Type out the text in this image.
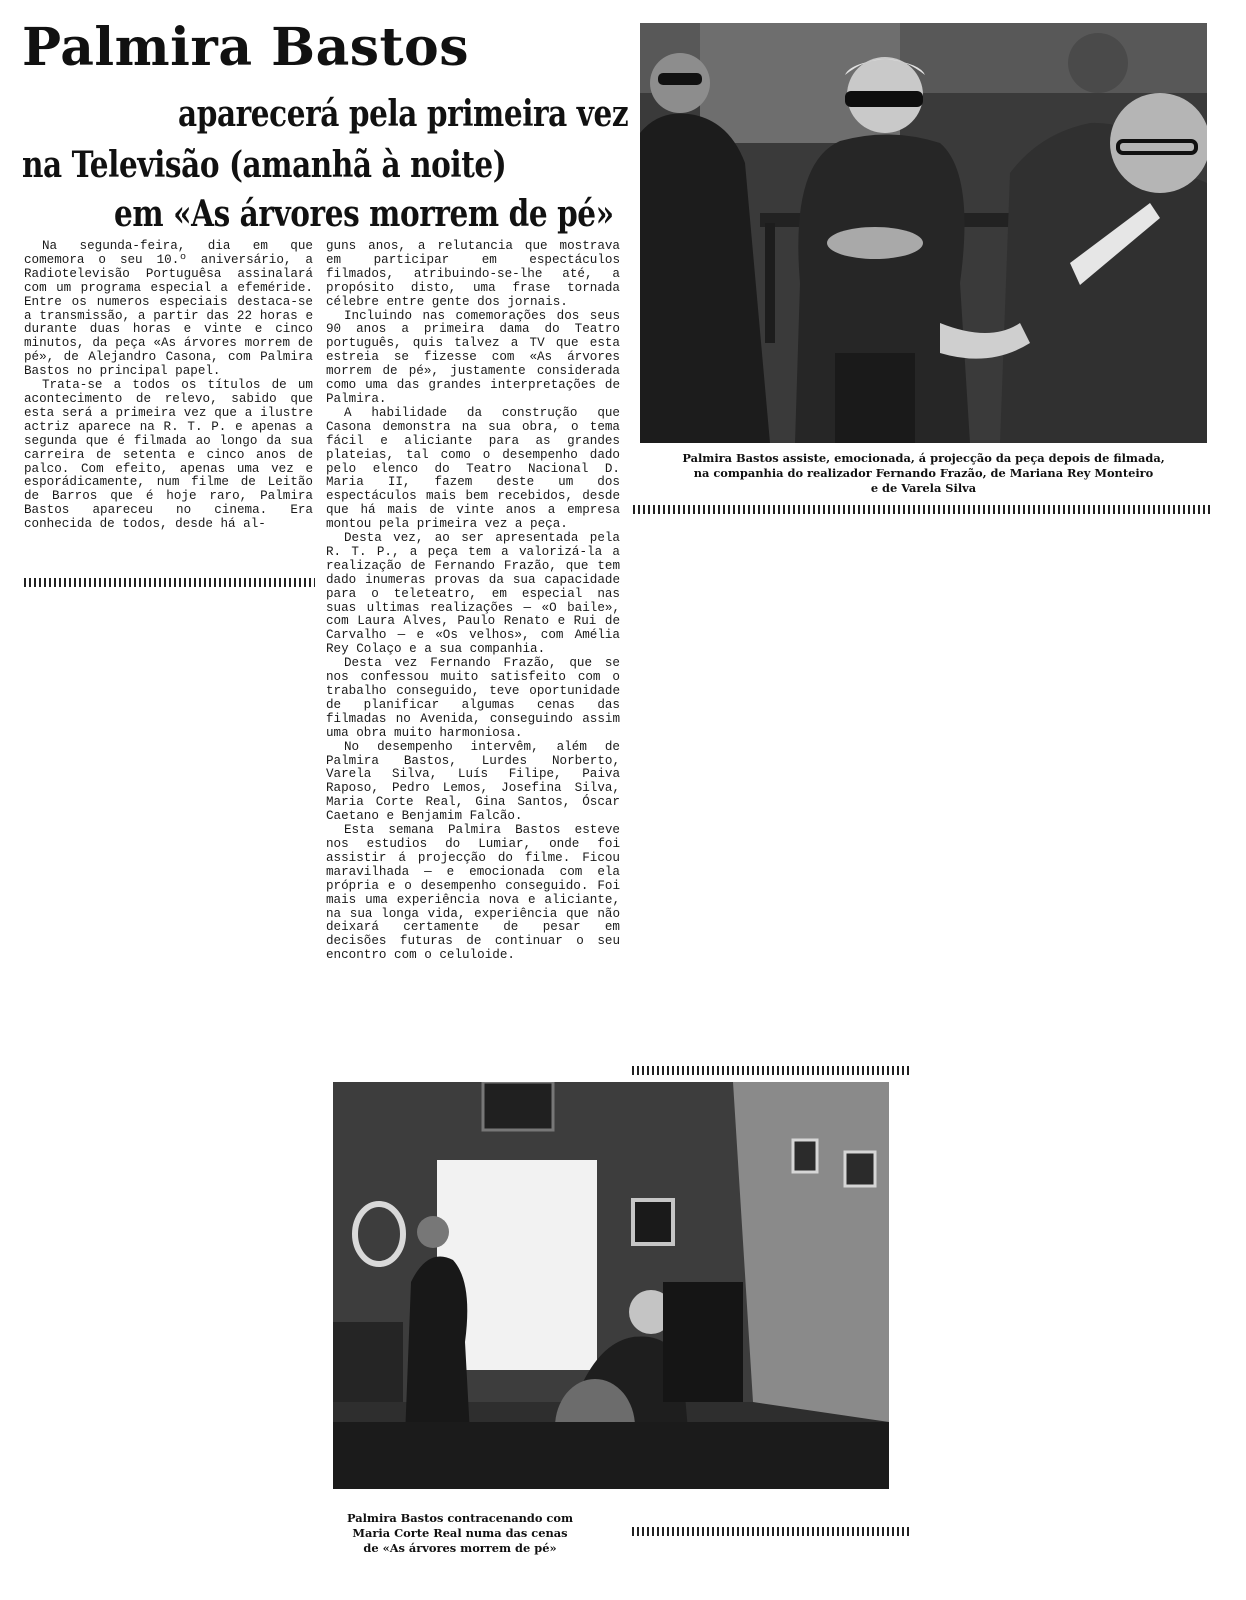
Palmira Bastos
aparecerá pela primeira vez
na Televisão (amanhã à noite)
em «As árvores morrem de pé»

Na segunda-feira, dia em que comemora o seu 10.º aniversário, a Radiotelevisão Portuguêsa assinalará com um programa especial a efeméride. Entre os numeros especiais destaca-se a transmissão, a partir das 22 horas e durante duas horas e vinte e cinco minutos, da peça «As árvores morrem de pé», de Alejandro Casona, com Palmira Bastos no principal papel.

Trata-se a todos os títulos de um acontecimento de relevo, sabido que esta será a primeira vez que a ilustre actriz aparece na R. T. P. e apenas a segunda que é filmada ao longo da sua carreira de setenta e cinco anos de palco. Com efeito, apenas uma vez e esporádicamente, num filme de Leitão de Barros que é hoje raro, Palmira Bastos apareceu no cinema. Era conhecida de todos, desde há al-

guns anos, a relutancia que mostrava em participar em espectáculos filmados, atribuindo-se-lhe até, a propósito disto, uma frase tornada célebre entre gente dos jornais.

Incluindo nas comemorações dos seus 90 anos a primeira dama do Teatro português, quis talvez a TV que esta estreia se fizesse com «As árvores morrem de pé», justamente considerada como uma das grandes interpretações de Palmira.

A habilidade da construção que Casona demonstra na sua obra, o tema fácil e aliciante para as grandes plateias, tal como o desempenho dado pelo elenco do Teatro Nacional D. Maria II, fazem deste um dos espectáculos mais bem recebidos, desde que há mais de vinte anos a empresa montou pela primeira vez a peça.

Desta vez, ao ser apresentada pela R. T. P., a peça tem a valorizá-la a realização de Fernando Frazão, que tem dado inumeras provas da sua capacidade para o teleteatro, em especial nas suas ultimas realizações — «O baile», com Laura Alves, Paulo Renato e Rui de Carvalho — e «Os velhos», com Amélia Rey Colaço e a sua companhia.

Desta vez Fernando Frazão, que se nos confessou muito satisfeito com o trabalho conseguido, teve oportunidade de planificar algumas cenas das filmadas no Avenida, conseguindo assim uma obra muito harmoniosa.

No desempenho intervêm, além de Palmira Bastos, Lurdes Norberto, Varela Silva, Luís Filipe, Paiva Raposo, Pedro Lemos, Josefina Silva, Maria Corte Real, Gina Santos, Óscar Caetano e Benjamim Falcão.

Esta semana Palmira Bastos esteve nos estudios do Lumiar, onde foi assistir á projecção do filme. Ficou maravilhada — e emocionada com ela própria e o desempenho conseguido. Foi mais uma experiência nova e aliciante, na sua longa vida, experiência que não deixará certamente de pesar em decisões futuras de continuar o seu encontro com o celuloide.

Palmira Bastos assiste, emocionada, á projecção da peça depois de filmada,
na companhia do realizador Fernando Frazão, de Mariana Rey Monteiro
e de Varela Silva
Palmira Bastos contracenando com
Maria Corte Real numa das cenas
de «As árvores morrem de pé»
